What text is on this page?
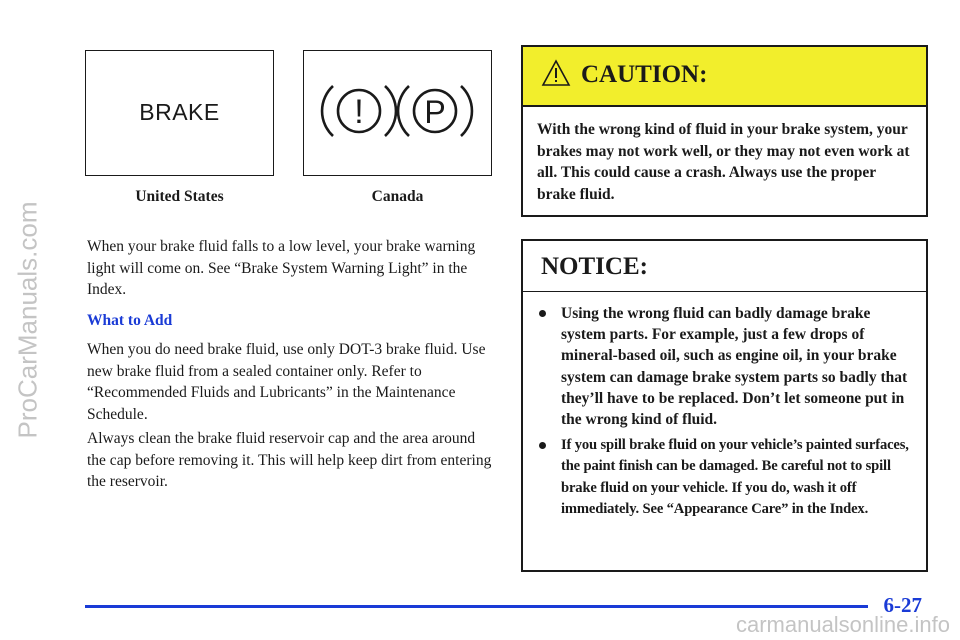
ProCarManuals.com
BRAKE	! P
United States	Canada

When your brake fluid falls to a low level, your brake warning light will come on. See “Brake System Warning Light” in the Index.

What to Add

When you do need brake fluid, use only DOT-3 brake fluid. Use new brake fluid from a sealed container only. Refer to “Recommended Fluids and Lubricants” in the Maintenance Schedule.

Always clean the brake fluid reservoir cap and the area around the cap before removing it. This will help keep dirt from entering the reservoir.

CAUTION:
With the wrong kind of fluid in your brake system, your brakes may not work well, or they may not even work at all. This could cause a crash. Always use the proper brake fluid.
NOTICE:
Using the wrong fluid can badly damage brake system parts. For example, just a few drops of mineral-based oil, such as engine oil, in your brake system can damage brake system parts so badly that they’ll have to be replaced. Don’t let someone put in the wrong kind of fluid.
If you spill brake fluid on your vehicle’s painted surfaces, the paint finish can be damaged. Be careful not to spill brake fluid on your vehicle. If you do, wash it off immediately. See “Appearance Care” in the Index.
6-27
carmanualsonline.info
